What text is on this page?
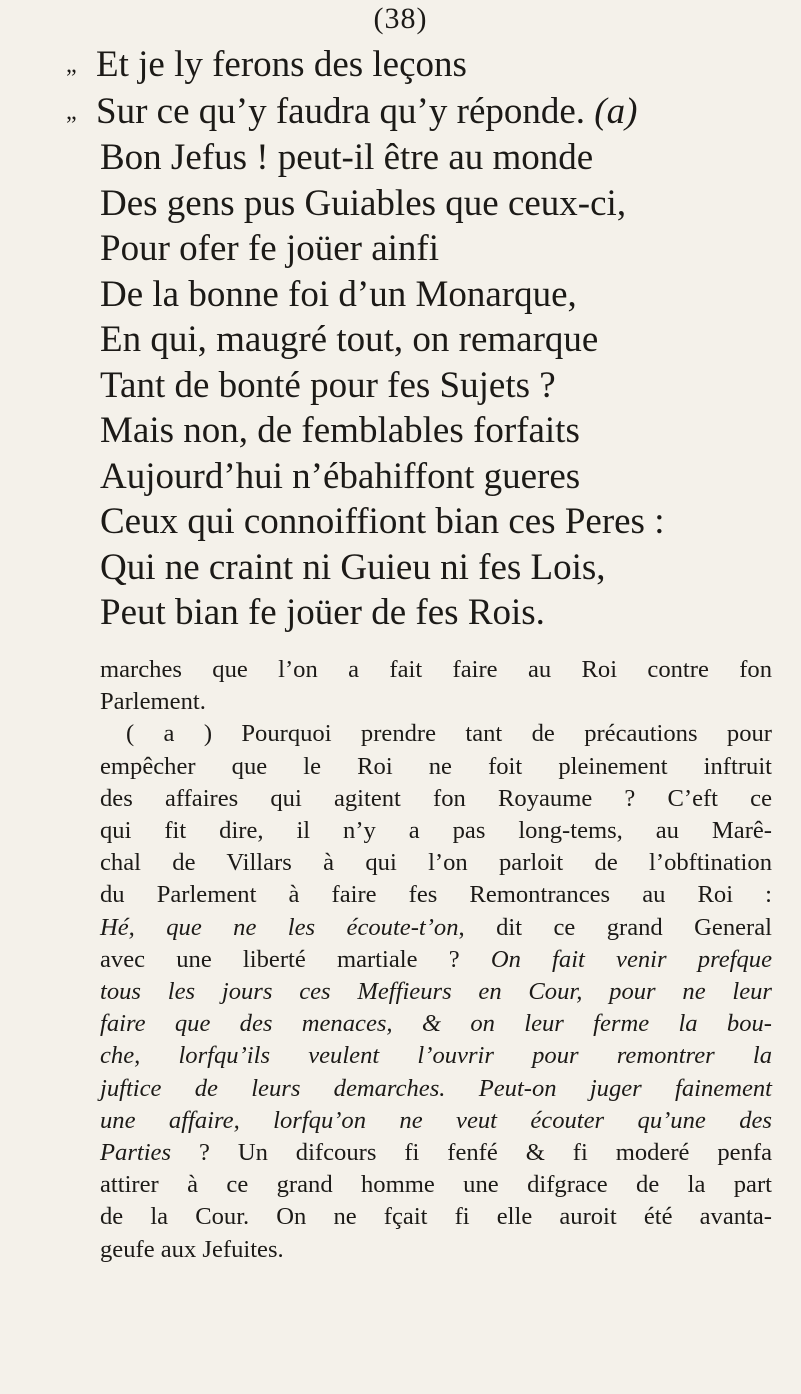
(38)
„ Et je ly ferons des leçons
„ Sur ce qu’y faudra qu’y réponde. (a)
Bon Jefus ! peut-il être au monde
Des gens pus Guiables que ceux-ci,
Pour ofer fe joüer ainfi
De la bonne foi d’un Monarque,
En qui, maugré tout, on remarque
Tant de bonté pour fes Sujets ?
Mais non, de femblables forfaits
Aujourd’hui n’ébahiffont gueres
Ceux qui connoiffiont bian ces Peres :
Qui ne craint ni Guieu ni fes Lois,
Peut bian fe joüer de fes Rois.
marches que l’on a fait faire au Roi contre fon
Parlement.
( a ) Pourquoi prendre tant de précautions pour
empêcher que le Roi ne foit pleinement inftruit
des affaires qui agitent fon Royaume ? C’eft ce
qui fit dire, il n’y a pas long-tems, au Marê-
chal de Villars à qui l’on parloit de l’obftination
du Parlement à faire fes Remontrances au Roi :
Hé, que ne les écoute-t’on, dit ce grand General
avec une liberté martiale ? On fait venir prefque
tous les jours ces Meffieurs en Cour, pour ne leur
faire que des menaces, & on leur ferme la bou-
che, lorfqu’ils veulent l’ouvrir pour remontrer la
juftice de leurs demarches. Peut-on juger fainement
une affaire, lorfqu’on ne veut écouter qu’une des
Parties ? Un difcours fi fenfé & fi moderé penfa
attirer à ce grand homme une difgrace de la part
de la Cour. On ne fçait fi elle auroit été avanta-
geufe aux Jefuites.
